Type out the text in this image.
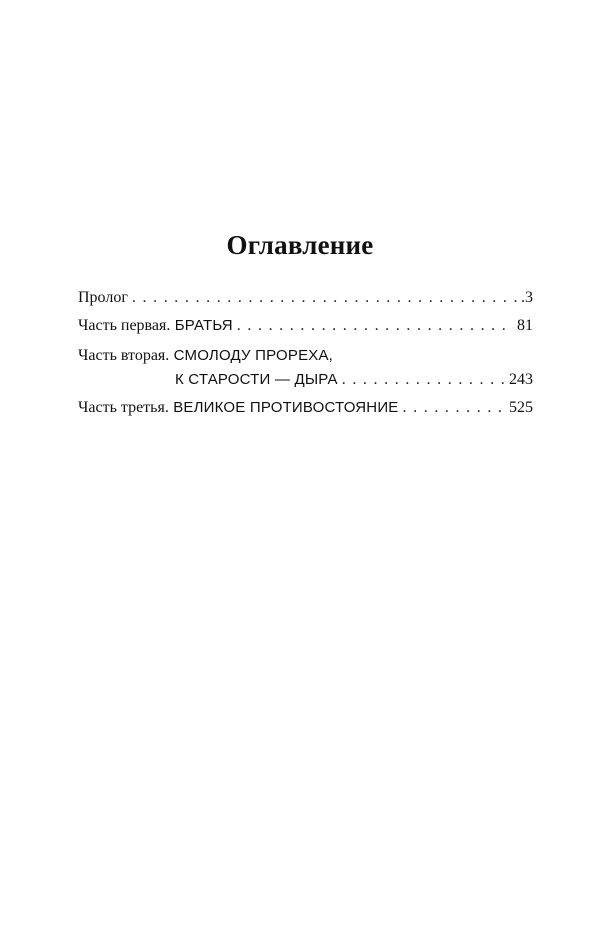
Оглавление
Пролог . . .	.3
Часть первая. БРАТЬЯ . . .	81
Часть вторая. СМОЛОДУ ПРОРЕХА,
К СТАРОСТИ — ДЫРА . . .	243
Часть третья. ВЕЛИКОЕ ПРОТИВОСТОЯНИЕ . . .	525
